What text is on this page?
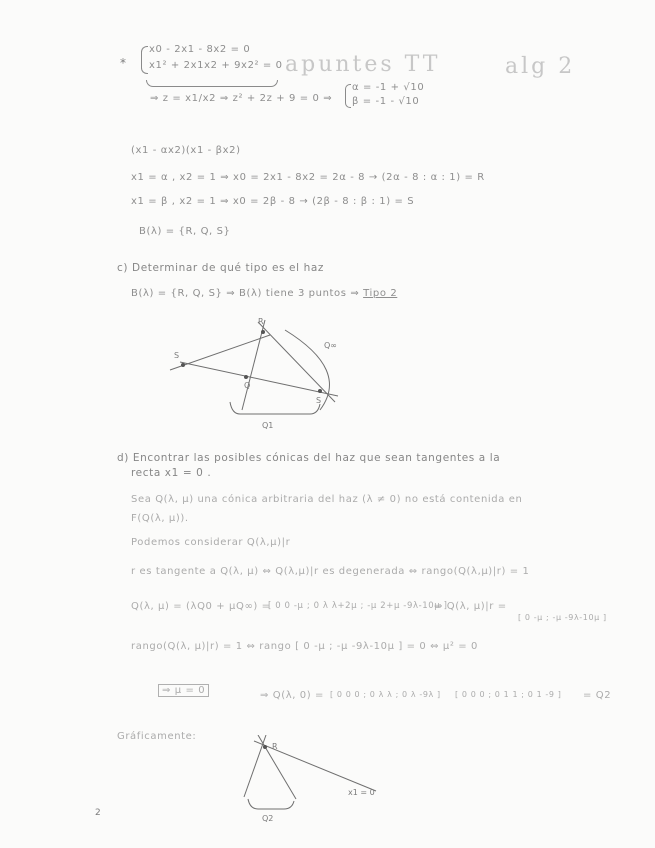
apuntes TT	alg 2
*
x0 - 2x1 - 8x2 = 0
x1² + 2x1x2 + 9x2² = 0
⇒ z = x1/x2 ⇒ z² + 2z + 9 = 0 ⇒
α = -1 + √10
β = -1 - √10
(x1 - αx2)(x1 - βx2)
x1 = α , x2 = 1 ⇒ x0 = 2x1 - 8x2 = 2α - 8 → (2α - 8 : α : 1) = R
x1 = β , x2 = 1 ⇒ x0 = 2β - 8 → (2β - 8 : β : 1) = S
B(λ) = {R, Q, S}
c) Determinar de qué tipo es el haz
B(λ) = {R, Q, S} ⇒ B(λ) tiene 3 puntos ⇒ Tipo 2
R
S
Q
S
Q∞
Q1
d) Encontrar las posibles cónicas del haz que sean tangentes a la
recta x1 = 0 .
Sea Q(λ, μ) una cónica arbitraria del haz (λ ≠ 0) no está contenida en
F(Q(λ, μ)).
Podemos considerar Q(λ,μ)|r
r es tangente a Q(λ, μ) ⇔ Q(λ,μ)|r es degenerada ⇔ rango(Q(λ,μ)|r) = 1
Q(λ, μ) = (λQ0 + μQ∞) =
[ 0 0 -μ ; 0 λ λ+2μ ; -μ 2+μ -9λ-10μ ]
⇒ Q(λ, μ)|r =
[ 0 -μ ; -μ -9λ-10μ ]
rango(Q(λ, μ)|r) = 1 ⇔ rango [ 0 -μ ; -μ -9λ-10μ ] = 0 ⇔ μ² = 0
⇒ μ = 0	⇒ Q(λ, 0) = [ 0 0 0 ; 0 λ λ ; 0 λ -9λ ] [ 0 0 0 ; 0 1 1 ; 0 1 -9 ] = Q2
Gráficamente:
R
x1 = 0
Q2
2
